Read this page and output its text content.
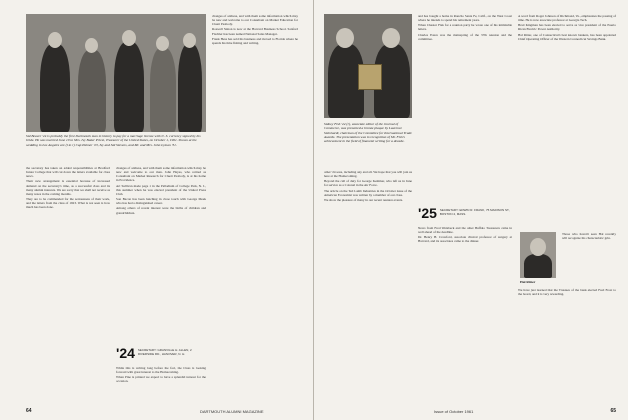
Sid Beaver '24 is probably the first Dartmouth man in history to pay for a marriage license with U. S. currency signed by his bride. He was married June 10 to Mrs. Ivy Baker Priest, Treasurer of the United States, on October 1, 1961. Shown at the wedding in Los Angeles are (l to r) Cap Palmer '23, Ivy and Sid Stevens, and Mr. and Mrs. John Lyman '31.

the secretary has taken on added responsibilities at Bradford Junior College that will cut down the letters available for class news.

Their new arrangement is essential because of increased demand on the secretary's time, as a successful class and its many alumni interests. We are sorry that we shall not receive as many notes in the coming months.

They are to be commended for the seriousness of their work, and the letters from the class of 1923. What is not seen is how much has been done.

changes of address, and with them some information which may be new and welcome to our men. John Hayes, who retired as Consultant on Market Research for Cluett Peabody, is at his home in Providence.

Art Sullivan made page 1 in the Palladium of College Park, N. J., this summer when he was elected president of the United Press Club.

Son Bacon has been lunching in close touch with George Meek who has had a distinguished career.

Among others of recent interest were the births of children and grandchildren.

'24 SECRETARY: GRANVILLE H. ALLEN, 2 RIVERSIDE RD., HANOVER, N. H.

While this is writing long before the fact, the Class is looking forward with great interest to the Homecoming.

When Pine is printed we expect to have a splendid turnout for the occasion.

changes of address, and with them some information which may be new and welcome to our Consultant on Market Education for Cluett Peabody.

Roswell Sinton is now at the Harvard Business School. Sanford Fischler has been named National Sales Manager.

Frank Hess has sold his business and moved to Florida where he spends his time fishing and writing.

64	DARTMOUTH ALUMNI MAGAZINE
Sidney Fish '24 (r), associate editor of the Journal of Commerce, was presented a bronze plaque by Laurence Steinhardt, chairman of the Committee for International Trade Awards. The presentation was in recognition of Mr. Fish's achievement in the field of financial writing for a decade.

other '24 sons, including any and all. We hope that you will join us here at the Homecoming.

Beyond the call of duty for George Kemmer, who left us in June for service as a Colonel in the Air Force.

The article on the Ted Lamb Industries in the October issue of the American Economist was written by a member of our class.

We show the pleasure of many in our recent reunion events.

and has bought a home in Rancho Santa Fe, Calif., on the West Coast where he intends to spend his retirement years.

When Chester Fisk for a reunion party he wrote one of his inimitable letters.

Charles Eaton was the mainspring of the 37th reunion and the committee.

'25 SECRETARY: EDWIN R. FRANK, 75 MADISON ST., BOSTON 4, MASS.

News from Fred Weisbeck and the other Buffalo Treasurers came in well ahead of the deadline.

Dr. Henry H. Crawford, associate clinical professor of surgery at Harvard, and its associates came to the dinner.

A word from Roger Johnson of Richmond, Va., emphasizes the passing of time. He is now associate professor at Georgia Tech.

Brad Kingman has been elected to serve as vice president of the Puerto Rican Electric Power Authority.

Hal Ritter, one of Connecticut's best known bankers, has been appointed Chief Operating Officer of the Western Connecticut Savings Bank.

Hal Ritter

Those who haven't seen Hal recently will recognize his characteristic grin.

We have just learned that the Trustees of the bank elected Fred Frost to the board, and it is very rewarding.

Issue of October 1961	65
